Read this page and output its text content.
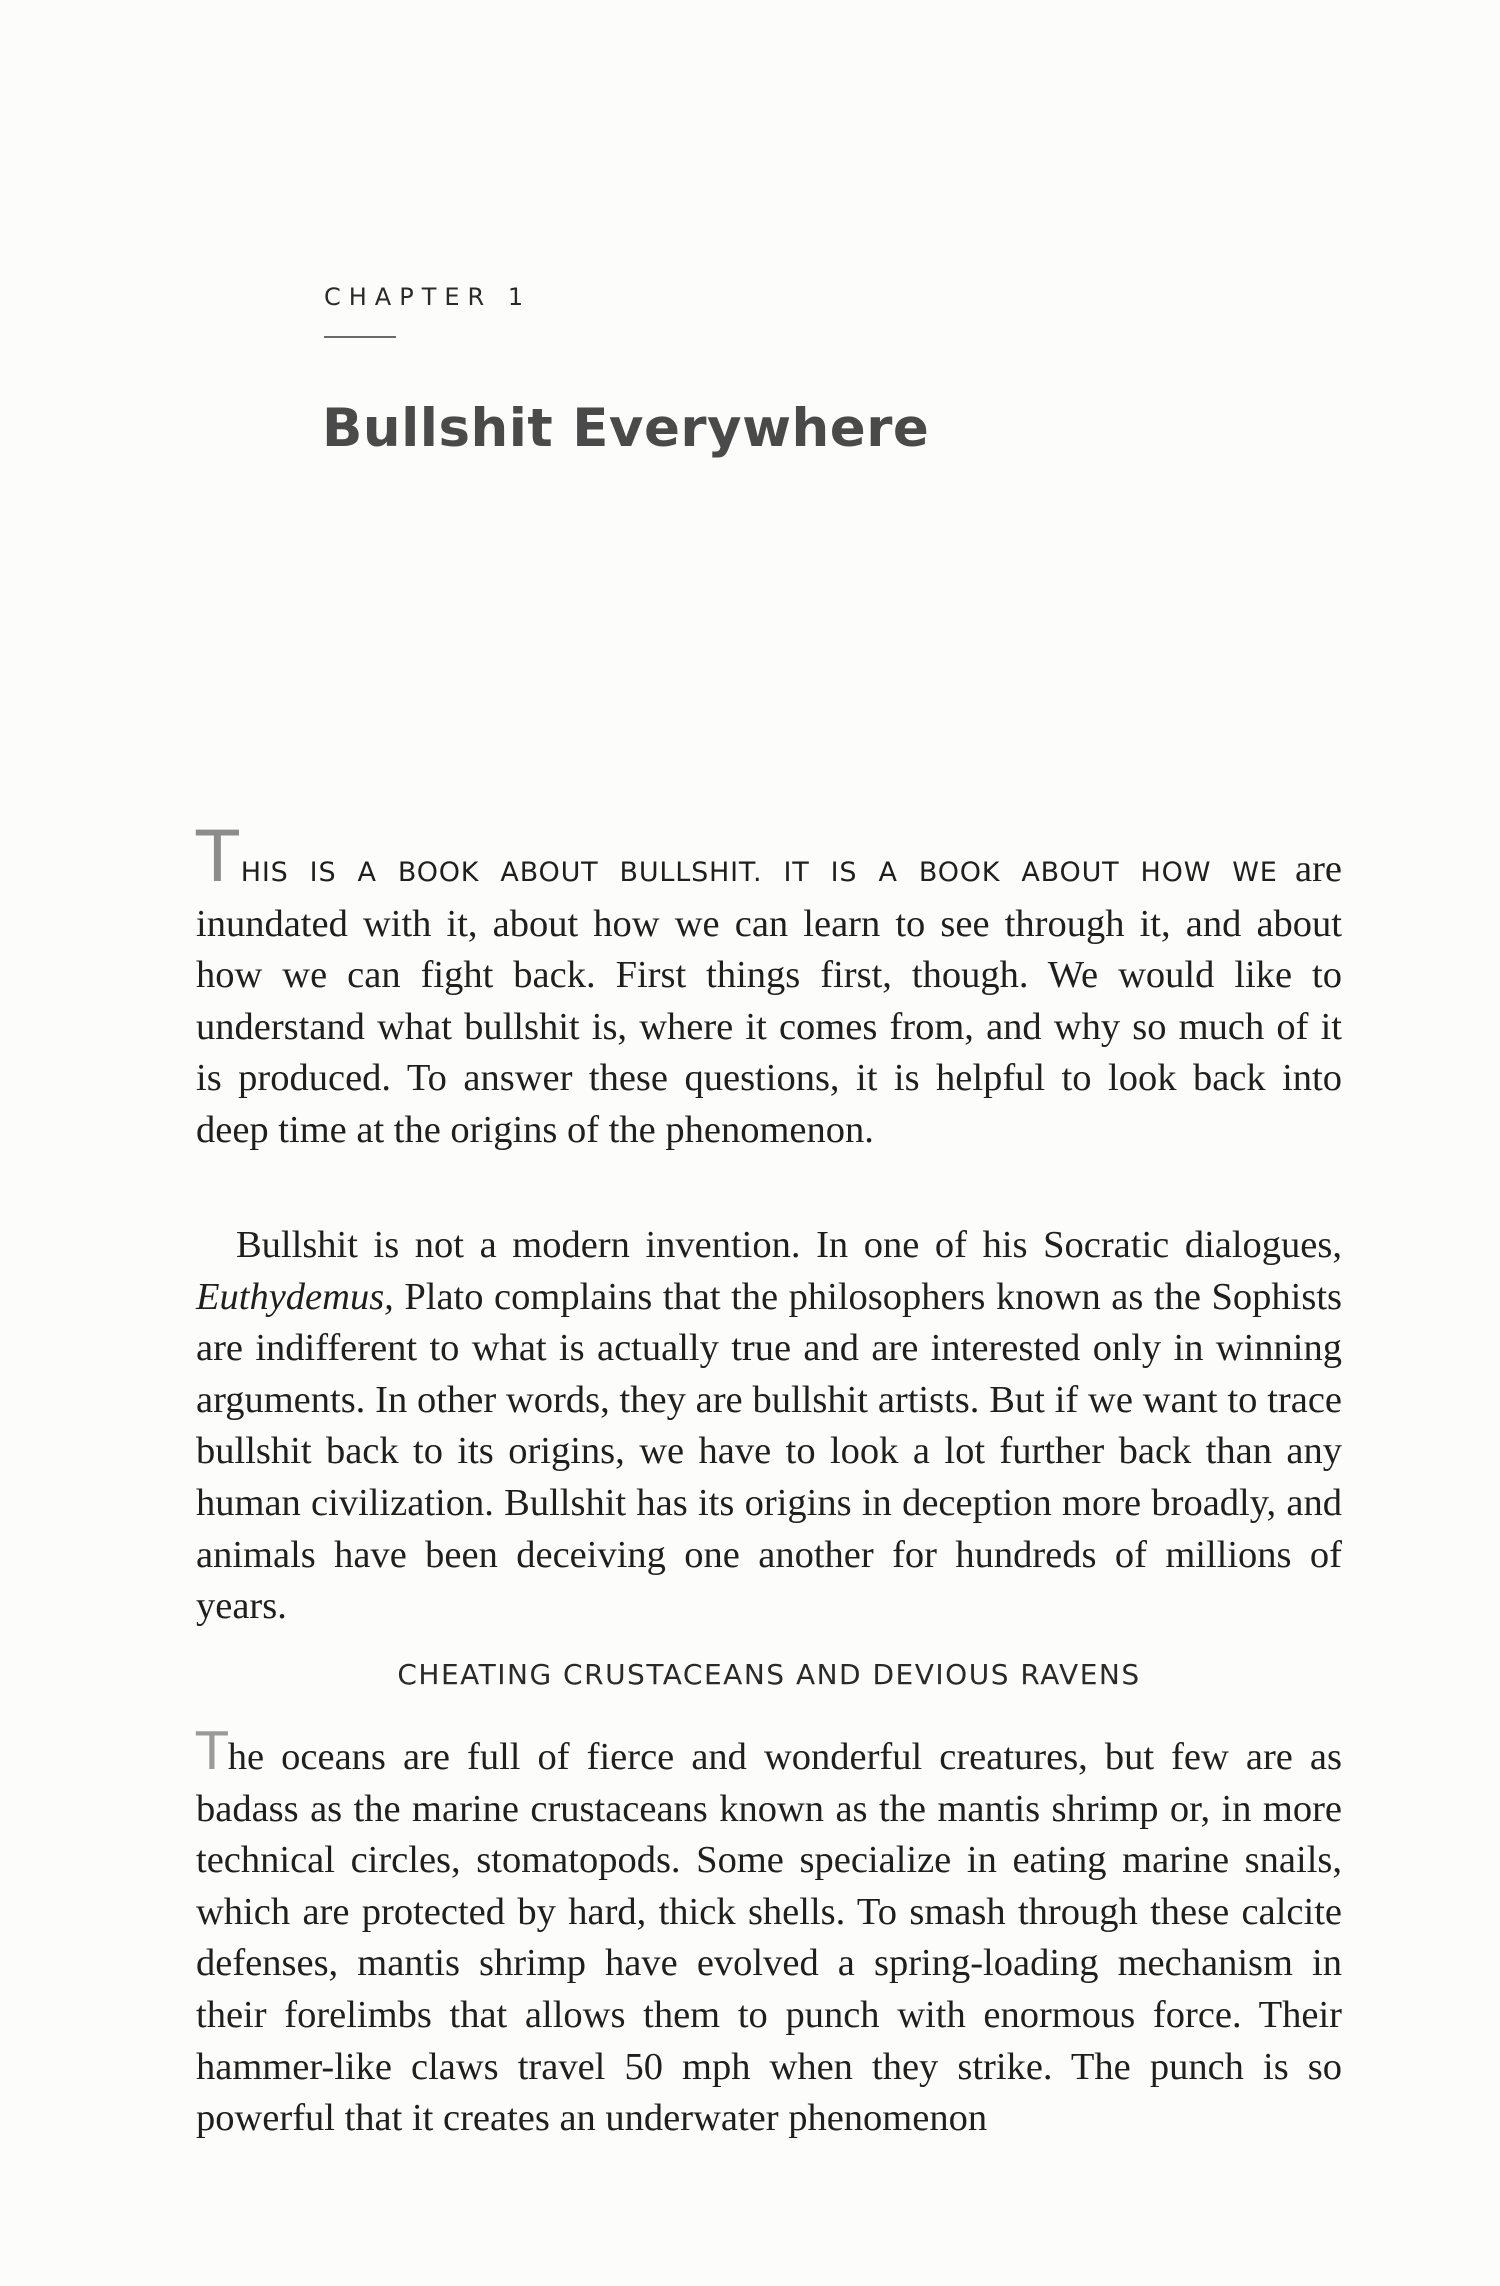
CHAPTER 1
Bullshit Everywhere

THIS IS A BOOK ABOUT BULLSHIT. IT IS A BOOK ABOUT HOW WE are inundated with it, about how we can learn to see through it, and about how we can fight back. First things first, though. We would like to understand what bullshit is, where it comes from, and why so much of it is produced. To answer these questions, it is helpful to look back into deep time at the origins of the phenomenon.

Bullshit is not a modern invention. In one of his Socratic dialogues, Euthydemus, Plato complains that the philosophers known as the Sophists are indifferent to what is actually true and are interested only in winning arguments. In other words, they are bullshit artists. But if we want to trace bullshit back to its origins, we have to look a lot further back than any human civilization. Bullshit has its origins in deception more broadly, and animals have been deceiving one another for hundreds of millions of years.

CHEATING CRUSTACEANS AND DEVIOUS RAVENS

The oceans are full of fierce and wonderful creatures, but few are as badass as the marine crustaceans known as the mantis shrimp or, in more technical circles, stomatopods. Some specialize in eating marine snails, which are protected by hard, thick shells. To smash through these calcite defenses, mantis shrimp have evolved a spring-loading mechanism in their forelimbs that allows them to punch with enormous force. Their hammer-like claws travel 50 mph when they strike. The punch is so powerful that it creates an underwater phenomenon
